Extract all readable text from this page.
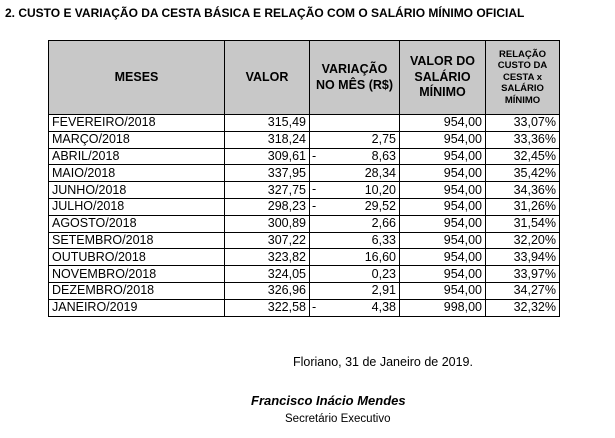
2. CUSTO E VARIAÇÃO DA CESTA BÁSICA E RELAÇÃO COM O SALÁRIO MÍNIMO OFICIAL
MESES	VALOR	VARIAÇÃO NO MÊS (R$)	VALOR DO SALÁRIO MÍNIMO	RELAÇÃO CUSTO DA CESTA x SALÁRIO MÍNIMO
FEVEREIRO/2018	315,49		954,00	33,07%
MARÇO/2018	318,24	2,75	954,00	33,36%
ABRIL/2018	309,61	- 8,63	954,00	32,45%
MAIO/2018	337,95	28,34	954,00	35,42%
JUNHO/2018	327,75	- 10,20	954,00	34,36%
JULHO/2018	298,23	- 29,52	954,00	31,26%
AGOSTO/2018	300,89	2,66	954,00	31,54%
SETEMBRO/2018	307,22	6,33	954,00	32,20%
OUTUBRO/2018	323,82	16,60	954,00	33,94%
NOVEMBRO/2018	324,05	0,23	954,00	33,97%
DEZEMBRO/2018	326,96	2,91	954,00	34,27%
JANEIRO/2019	322,58	- 4,38	998,00	32,32%
Floriano, 31 de Janeiro de 2019.
Francisco Inácio Mendes
Secretário Executivo
